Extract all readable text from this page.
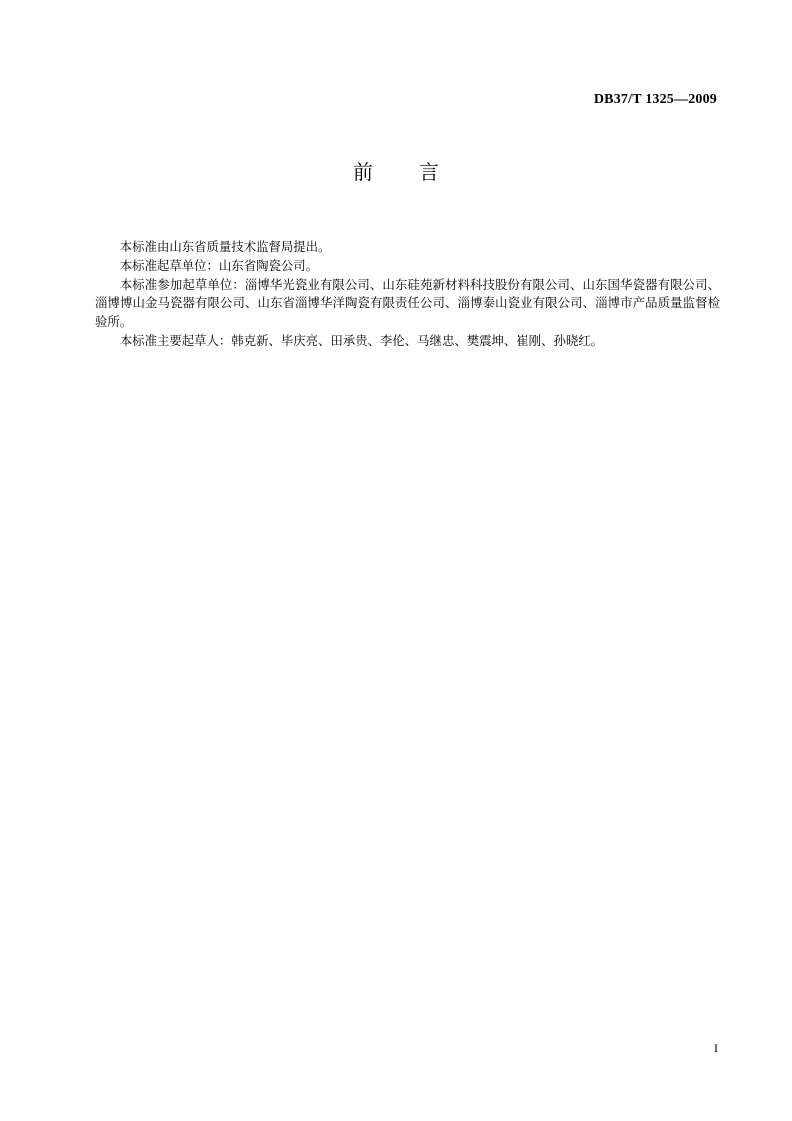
DB37/T 1325—2009
前 言

本标准由山东省质量技术监督局提出。

本标准起草单位：山东省陶瓷公司。

本标准参加起草单位：淄博华光瓷业有限公司、山东硅苑新材料科技股份有限公司、山东国华瓷器有限公司、淄博博山金马瓷器有限公司、山东省淄博华洋陶瓷有限责任公司、淄博泰山瓷业有限公司、淄博市产品质量监督检验所。

本标准主要起草人：韩克新、毕庆亮、田承贵、李伦、马继忠、樊震坤、崔刚、孙晓红。

I
